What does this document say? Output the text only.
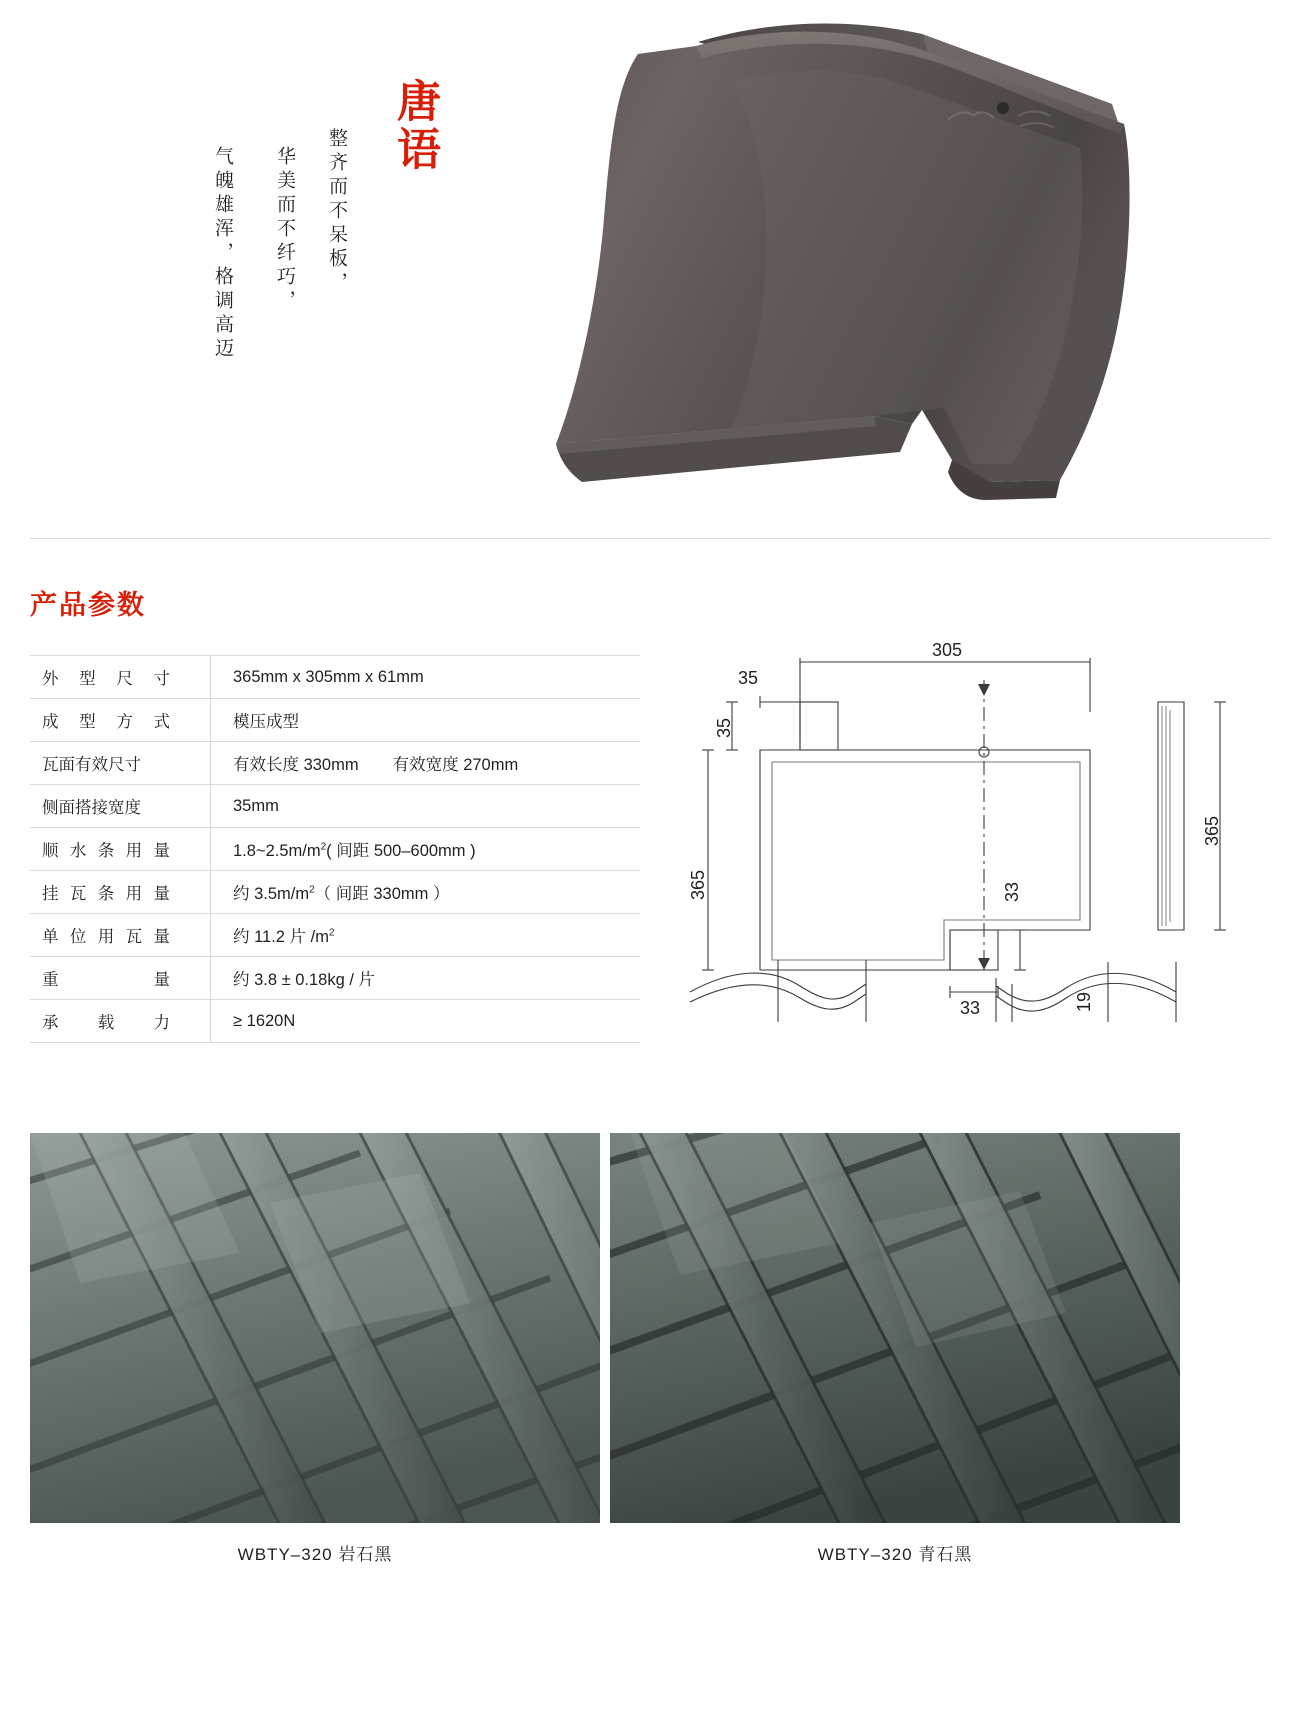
唐语
整齐而不呆板，
华美而不纤巧，
气魄雄浑，格调高迈
产品参数
外 型 尺 寸	365mm x 305mm x 61mm

成 型 方 式	模压成型
瓦面有效尺寸	有效长度 330mm 有效宽度 270mm
侧面搭接宽度	35mm

顺 水 条 用 量	$1.8\sim 2.5m/m^2$( 间距 500–600mm )

挂 瓦 条 用 量	约 $3.5m/m^2$（ 间距 330mm ）

单 位 用 瓦 量	约 11.2 片 $/m^2$

重 量	约 3.8 ± 0.18kg / 片

承 载 力	≥ 1620N
305
35
35
365	33
33
365
19
WBTY–320 岩石黑	WBTY–320 青石黑
